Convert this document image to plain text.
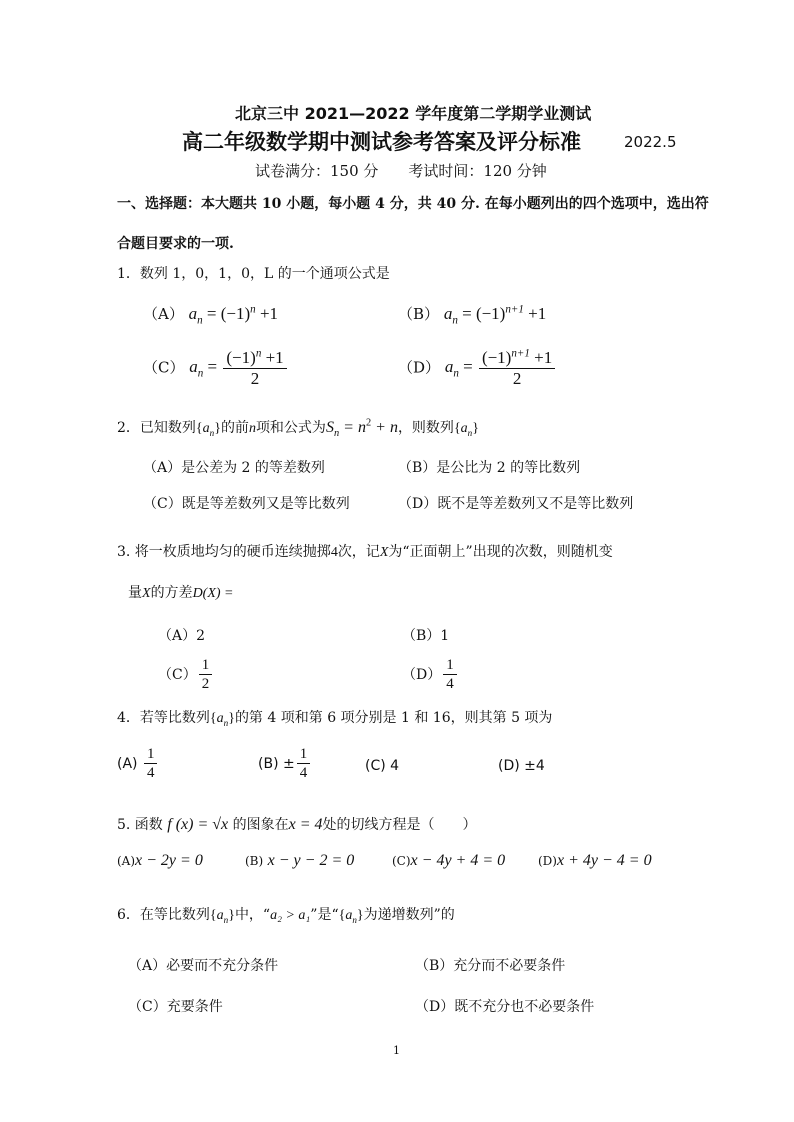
北京三中 2021—2022 学年度第二学期学业测试
高二年级数学期中测试参考答案及评分标准	2022.5
试卷满分：150 分　　考试时间：120 分钟
一、选择题：本大题共 10 小题，每小题 4 分，共 40 分. 在每小题列出的四个选项中，选出符
合题目要求的一项.
1．数列 1，0，1，0，L 的一个通项公式是
（A） $a_n = (-1)^n +1$	（B） $a_n = (-1)^{n+1} +1$
（C） $a_n = \frac{(-1)^n +1}{2}$	（D） $a_n = \frac{(-1)^{n+1} +1}{2}$
2．已知数列$\{a_n\}$的前n项和公式为$S_n = n^2 + n$，则数列$\{a_n\}$
（A）是公差为 2 的等差数列	（B）是公比为 2 的等比数列
（C）既是等差数列又是等比数列	（D）既不是等差数列又不是等比数列
3. 将一枚质地均匀的硬币连续抛掷4次，记X为“正面朝上”出现的次数，则随机变
量X的方差D(X) =
（A）2	（B）1
$(C) \frac{1}{2}$	$(D) \frac{1}{4}$
4．若等比数列$\{a_n\}$的第 4 项和第 6 项分别是 1 和 16，则其第 5 项为
$(A) \frac{1}{4}$	$(B) \pm \frac{1}{4}$	(C) 4	(D) ±4
5. 函数 f (x) = √x 的图象在x = 4处的切线方程是（　　）
(A)x − 2y = 0	(B) x − y − 2 = 0	(C)x − 4y + 4 = 0	(D)x + 4y − 4 = 0
6．在等比数列$\{a_n\}$中，“a₂ > a₁”是“$\{a_n\}$为递增数列”的
（A）必要而不充分条件	（B）充分而不必要条件
（C）充要条件	（D）既不充分也不必要条件
1
